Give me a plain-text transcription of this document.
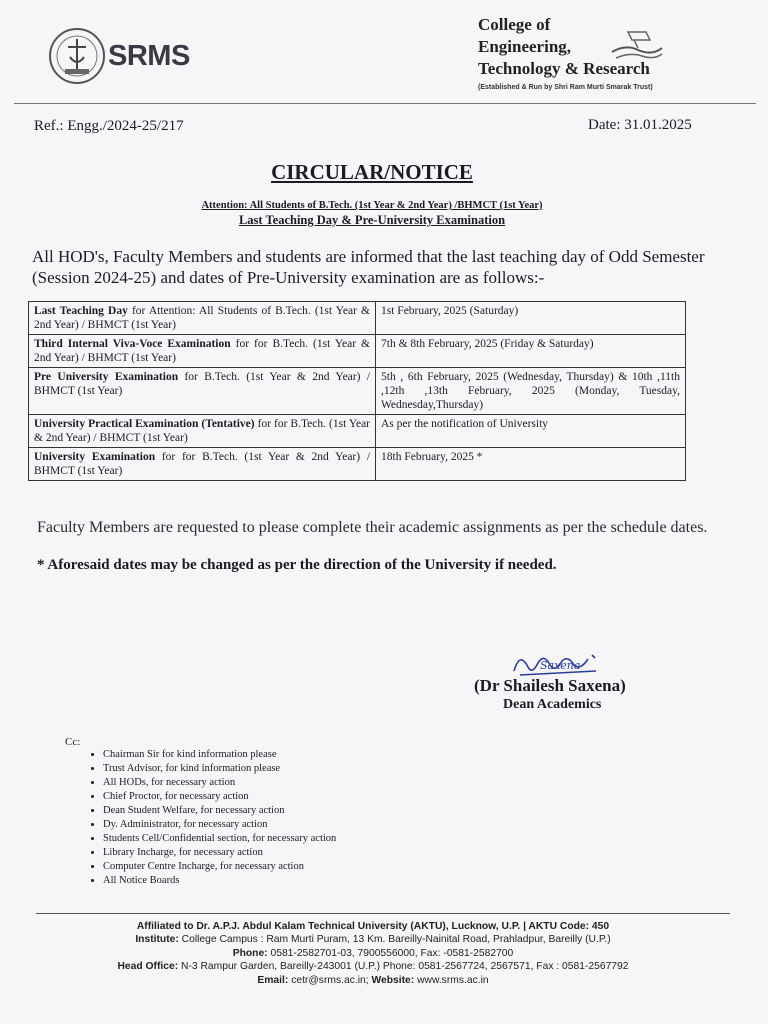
SRMS
College of
Engineering,
Technology & Research
(Established & Run by Shri Ram Murti Smarak Trust)
Ref.: Engg./2024-25/217	Date: 31.01.2025
CIRCULAR/NOTICE
Attention: All Students of B.Tech. (1st Year & 2nd Year) /BHMCT (1st Year)
Last Teaching Day & Pre-University Examination
All HOD's, Faculty Members and students are informed that the last teaching day of Odd Semester (Session 2024-25) and dates of Pre-University examination are as follows:-
Last Teaching Day for Attention: All Students of B.Tech. (1st Year & 2nd Year) / BHMCT (1st Year)	1st February, 2025 (Saturday)
Third Internal Viva-Voce Examination for for B.Tech. (1st Year & 2nd Year) / BHMCT (1st Year)	7th & 8th February, 2025 (Friday & Saturday)
Pre University Examination for B.Tech. (1st Year & 2nd Year) / BHMCT (1st Year)	5th , 6th February, 2025 (Wednesday, Thursday) & 10th ,11th ,12th ,13th February, 2025 (Monday, Tuesday, Wednesday,Thursday)
University Practical Examination (Tentative) for for B.Tech. (1st Year & 2nd Year) / BHMCT (1st Year)	As per the notification of University
University Examination for for B.Tech. (1st Year & 2nd Year) / BHMCT (1st Year)	18th February, 2025 *
Faculty Members are requested to please complete their academic assignments as per the schedule dates.
* Aforesaid dates may be changed as per the direction of the University if needed.
Saxena
(Dr Shailesh Saxena)
Dean Academics
Cc:
• Chairman Sir for kind information please
• Trust Advisor, for kind information please
• All HODs, for necessary action
• Chief Proctor, for necessary action
• Dean Student Welfare, for necessary action
• Dy. Administrator, for necessary action
• Students Cell/Confidential section, for necessary action
• Library Incharge, for necessary action
• Computer Centre Incharge, for necessary action
• All Notice Boards
Affiliated to Dr. A.P.J. Abdul Kalam Technical University (AKTU), Lucknow, U.P. | AKTU Code: 450
Institute: College Campus : Ram Murti Puram, 13 Km. Bareilly-Nainital Road, Prahladpur, Bareilly (U.P.)
Phone: 0581-2582701-03, 7900556000, Fax: -0581-2582700
Head Office: N-3 Rampur Garden, Bareilly-243001 (U.P.) Phone: 0581-2567724, 2567571, Fax : 0581-2567792
Email: cetr@srms.ac.in; Website: www.srms.ac.in
